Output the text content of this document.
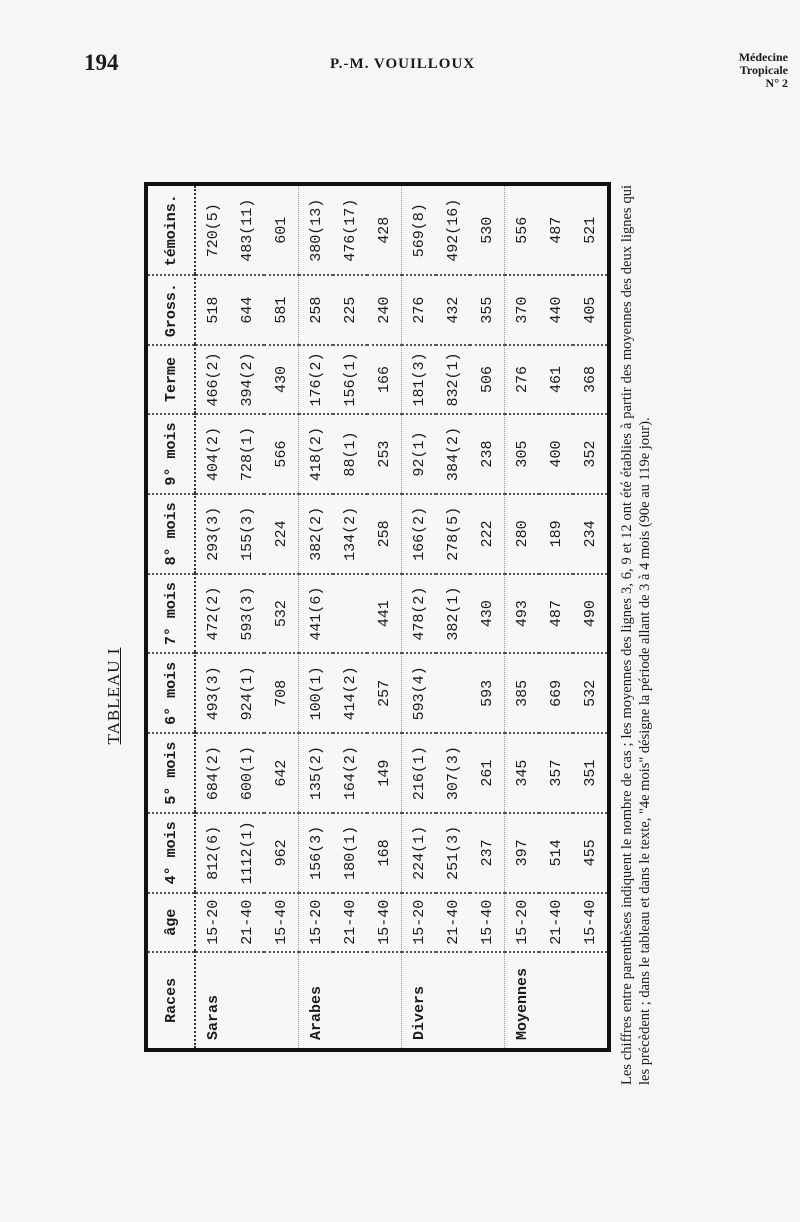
194	P.-M. VOUILLOUX	Médecine
Tropicale
N° 2
TABLEAU I
Races	âge	4° mois	5° mois	6° mois	7° mois	8° mois	9° mois	Terme	Gross.	témoins.
Saras	15-20	812(6)	684(2)	493(3)	472(2)	293(3)	404(2)	466(2)	518	720(5)
	21-40	1112(1)	600(1)	924(1)	593(3)	155(3)	728(1)	394(2)	644	483(11)
	15-40	962	642	708	532	224	566	430	581	601
Arabes	15-20	156(3)	135(2)	100(1)	441(6)	382(2)	418(2)	176(2)	258	380(13)
	21-40	180(1)	164(2)	414(2)		134(2)	88(1)	156(1)	225	476(17)
	15-40	168	149	257	441	258	253	166	240	428
Divers	15-20	224(1)	216(1)	593(4)	478(2)	166(2)	92(1)	181(3)	276	569(8)
	21-40	251(3)	307(3)		382(1)	278(5)	384(2)	832(1)	432	492(16)
	15-40	237	261	593	430	222	238	506	355	530
Moyennes	15-20	397	345	385	493	280	305	276	370	556
	21-40	514	357	669	487	189	400	461	440	487
	15-40	455	351	532	490	234	352	368	405	521 Les chiffres entre parenthèses indiquent le nombre de cas ; les moyennes des lignes 3, 6, 9 et 12 ont été établies à partir des moyennes des deux lignes qui les précèdent ; dans le tableau et dans le texte, "4e mois" désigne la période allant de 3 à 4 mois (90e au 119e jour).
